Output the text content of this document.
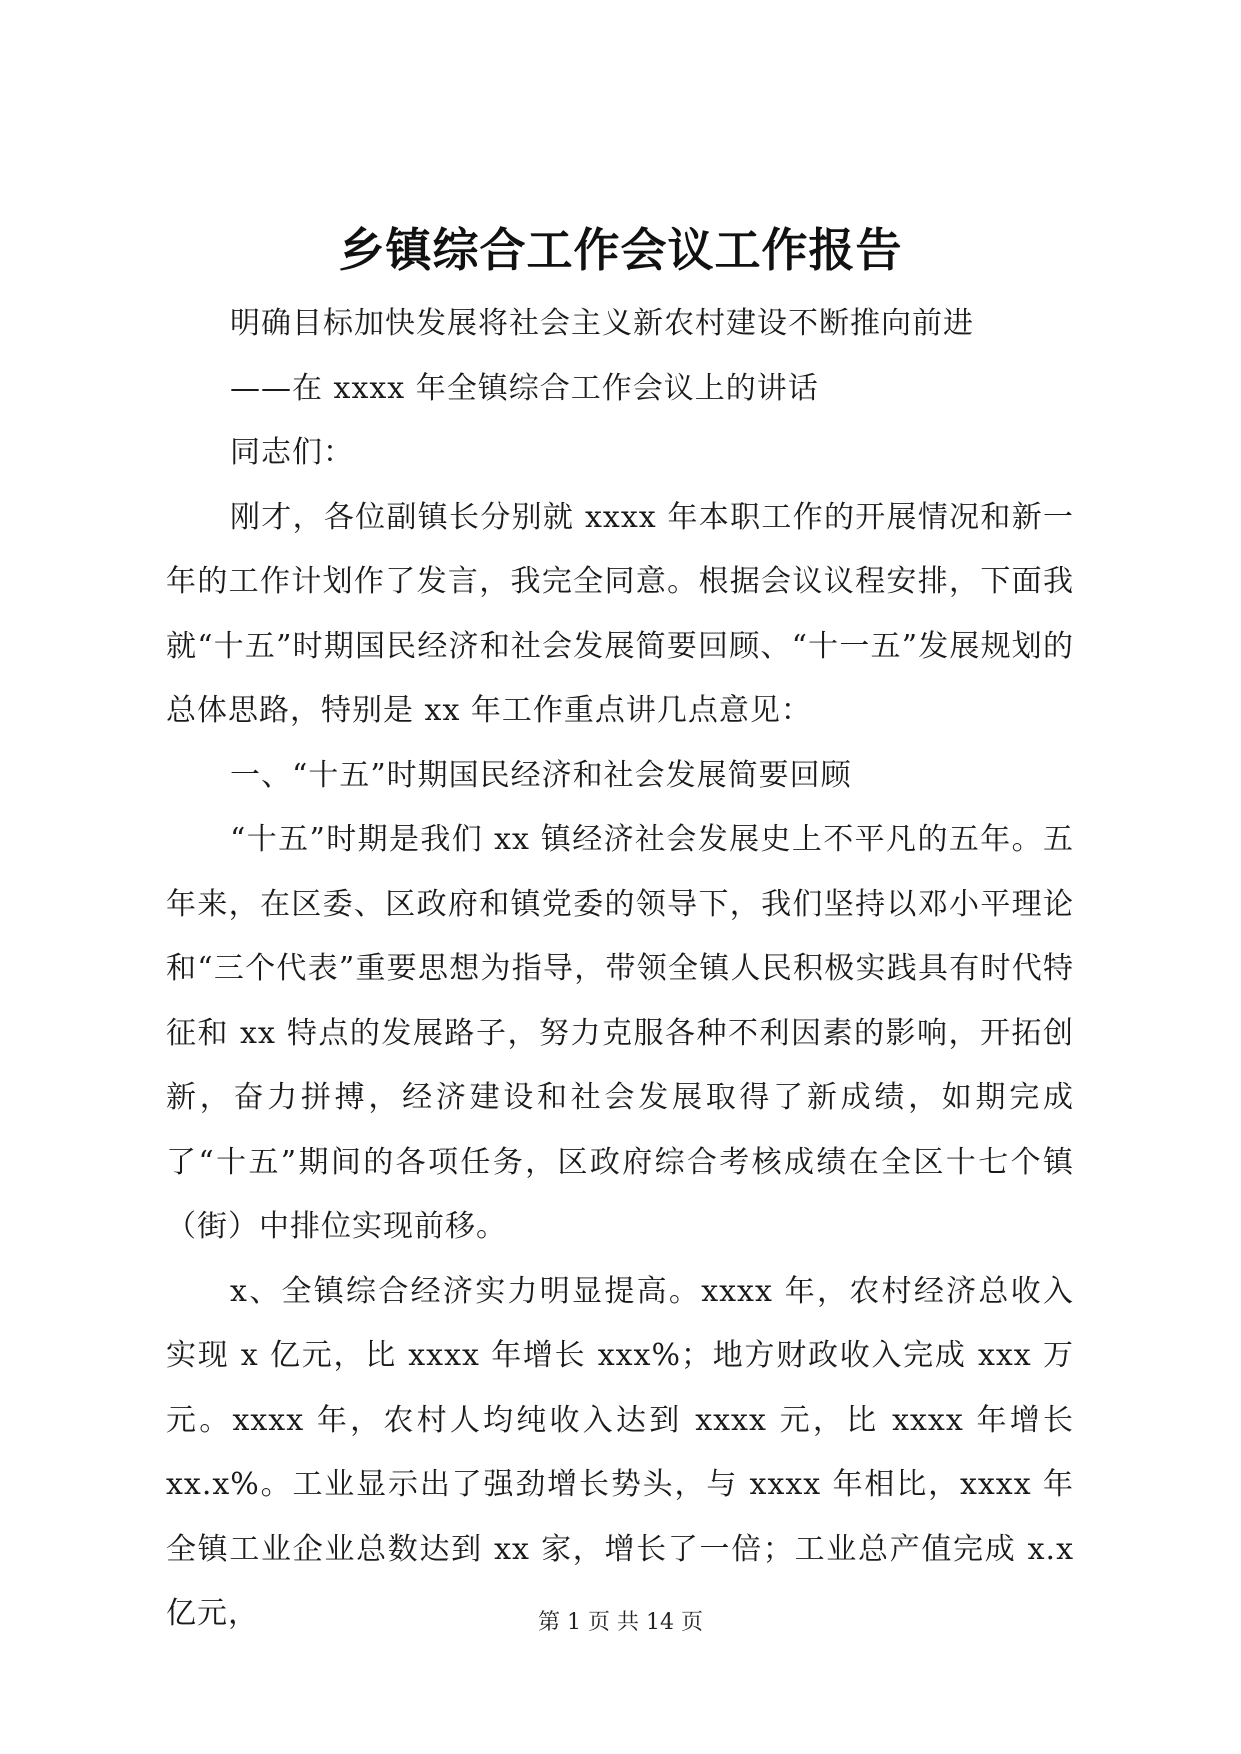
乡镇综合工作会议工作报告

明确目标加快发展将社会主义新农村建设不断推向前进

——在 xxxx 年全镇综合工作会议上的讲话

同志们：

刚才，各位副镇长分别就 xxxx 年本职工作的开展情况和新一年的工作计划作了发言，我完全同意。根据会议议程安排，下面我就“十五”时期国民经济和社会发展简要回顾、“十一五”发展规划的总体思路，特别是 xx 年工作重点讲几点意见：

一、“十五”时期国民经济和社会发展简要回顾

“十五”时期是我们 xx 镇经济社会发展史上不平凡的五年。五年来，在区委、区政府和镇党委的领导下，我们坚持以邓小平理论和“三个代表”重要思想为指导，带领全镇人民积极实践具有时代特征和 xx 特点的发展路子，努力克服各种不利因素的影响，开拓创新，奋力拼搏，经济建设和社会发展取得了新成绩，如期完成了“十五”期间的各项任务，区政府综合考核成绩在全区十七个镇（街）中排位实现前移。

x、全镇综合经济实力明显提高。xxxx 年，农村经济总收入实现 x 亿元，比 xxxx 年增长 xxx%；地方财政收入完成 xxx 万元。xxxx 年，农村人均纯收入达到 xxxx 元，比 xxxx 年增长 xx.x%。工业显示出了强劲增长势头，与 xxxx 年相比，xxxx 年全镇工业企业总数达到 xx 家，增长了一倍；工业总产值完成 x.x 亿元，	第 1 页 共 14 页
